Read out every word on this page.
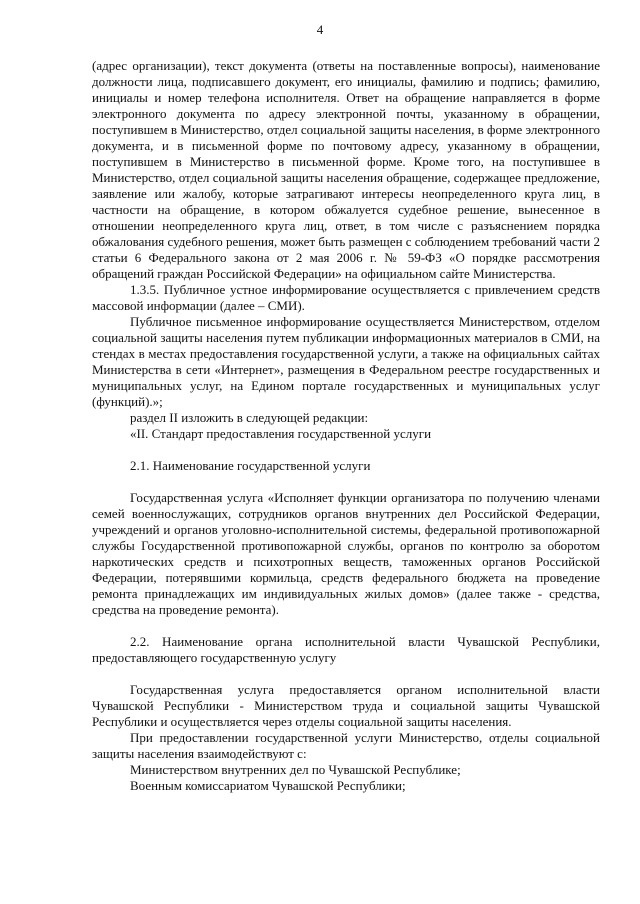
4

(адрес организации), текст документа (ответы на поставленные вопросы), наименование должности лица, подписавшего документ, его инициалы, фамилию и подпись; фамилию, инициалы и номер телефона исполнителя. Ответ на обращение направляется в форме электронного документа по адресу электронной почты, указанному в обращении, поступившем в Министерство, отдел социальной защиты населения, в форме электронного документа, и в письменной форме по почтовому адресу, указанному в обращении, поступившем в Министерство в письменной форме. Кроме того, на поступившее в Министерство, отдел социальной защиты населения обращение, содержащее предложение, заявление или жалобу, которые затрагивают интересы неопределенного круга лиц, в частности на обращение, в котором обжалуется судебное решение, вынесенное в отношении неопределенного круга лиц, ответ, в том числе с разъяснением порядка обжалования судебного решения, может быть размещен с соблюдением требований части 2 статьи 6 Федерального закона от 2 мая 2006 г. № 59-ФЗ «О порядке рассмотрения обращений граждан Российской Федерации» на официальном сайте Министерства.

1.3.5. Публичное устное информирование осуществляется с привлечением средств массовой информации (далее – СМИ).

Публичное письменное информирование осуществляется Министерством, отделом социальной защиты населения путем публикации информационных материалов в СМИ, на стендах в местах предоставления государственной услуги, а также на официальных сайтах Министерства в сети «Интернет», размещения в Федеральном реестре государственных и муниципальных услуг, на Едином портале государственных и муниципальных услуг (функций).»;

раздел II изложить в следующей редакции:

«II. Стандарт предоставления государственной услуги

2.1. Наименование государственной услуги

Государственная услуга «Исполняет функции организатора по получению членами семей военнослужащих, сотрудников органов внутренних дел Российской Федерации, учреждений и органов уголовно-исполнительной системы, федеральной противопожарной службы Государственной противопожарной службы, органов по контролю за оборотом наркотических средств и психотропных веществ, таможенных органов Российской Федерации, потерявшими кормильца, средств федерального бюджета на проведение ремонта принадлежащих им индивидуальных жилых домов» (далее также - средства, средства на проведение ремонта).

2.2. Наименование органа исполнительной власти Чувашской Республики, предоставляющего государственную услугу

Государственная услуга предоставляется органом исполнительной власти Чувашской Республики - Министерством труда и социальной защиты Чувашской Республики и осуществляется через отделы социальной защиты населения.

При предоставлении государственной услуги Министерство, отделы социальной защиты населения взаимодействуют с:

Министерством внутренних дел по Чувашской Республике;

Военным комиссариатом Чувашской Республики;
